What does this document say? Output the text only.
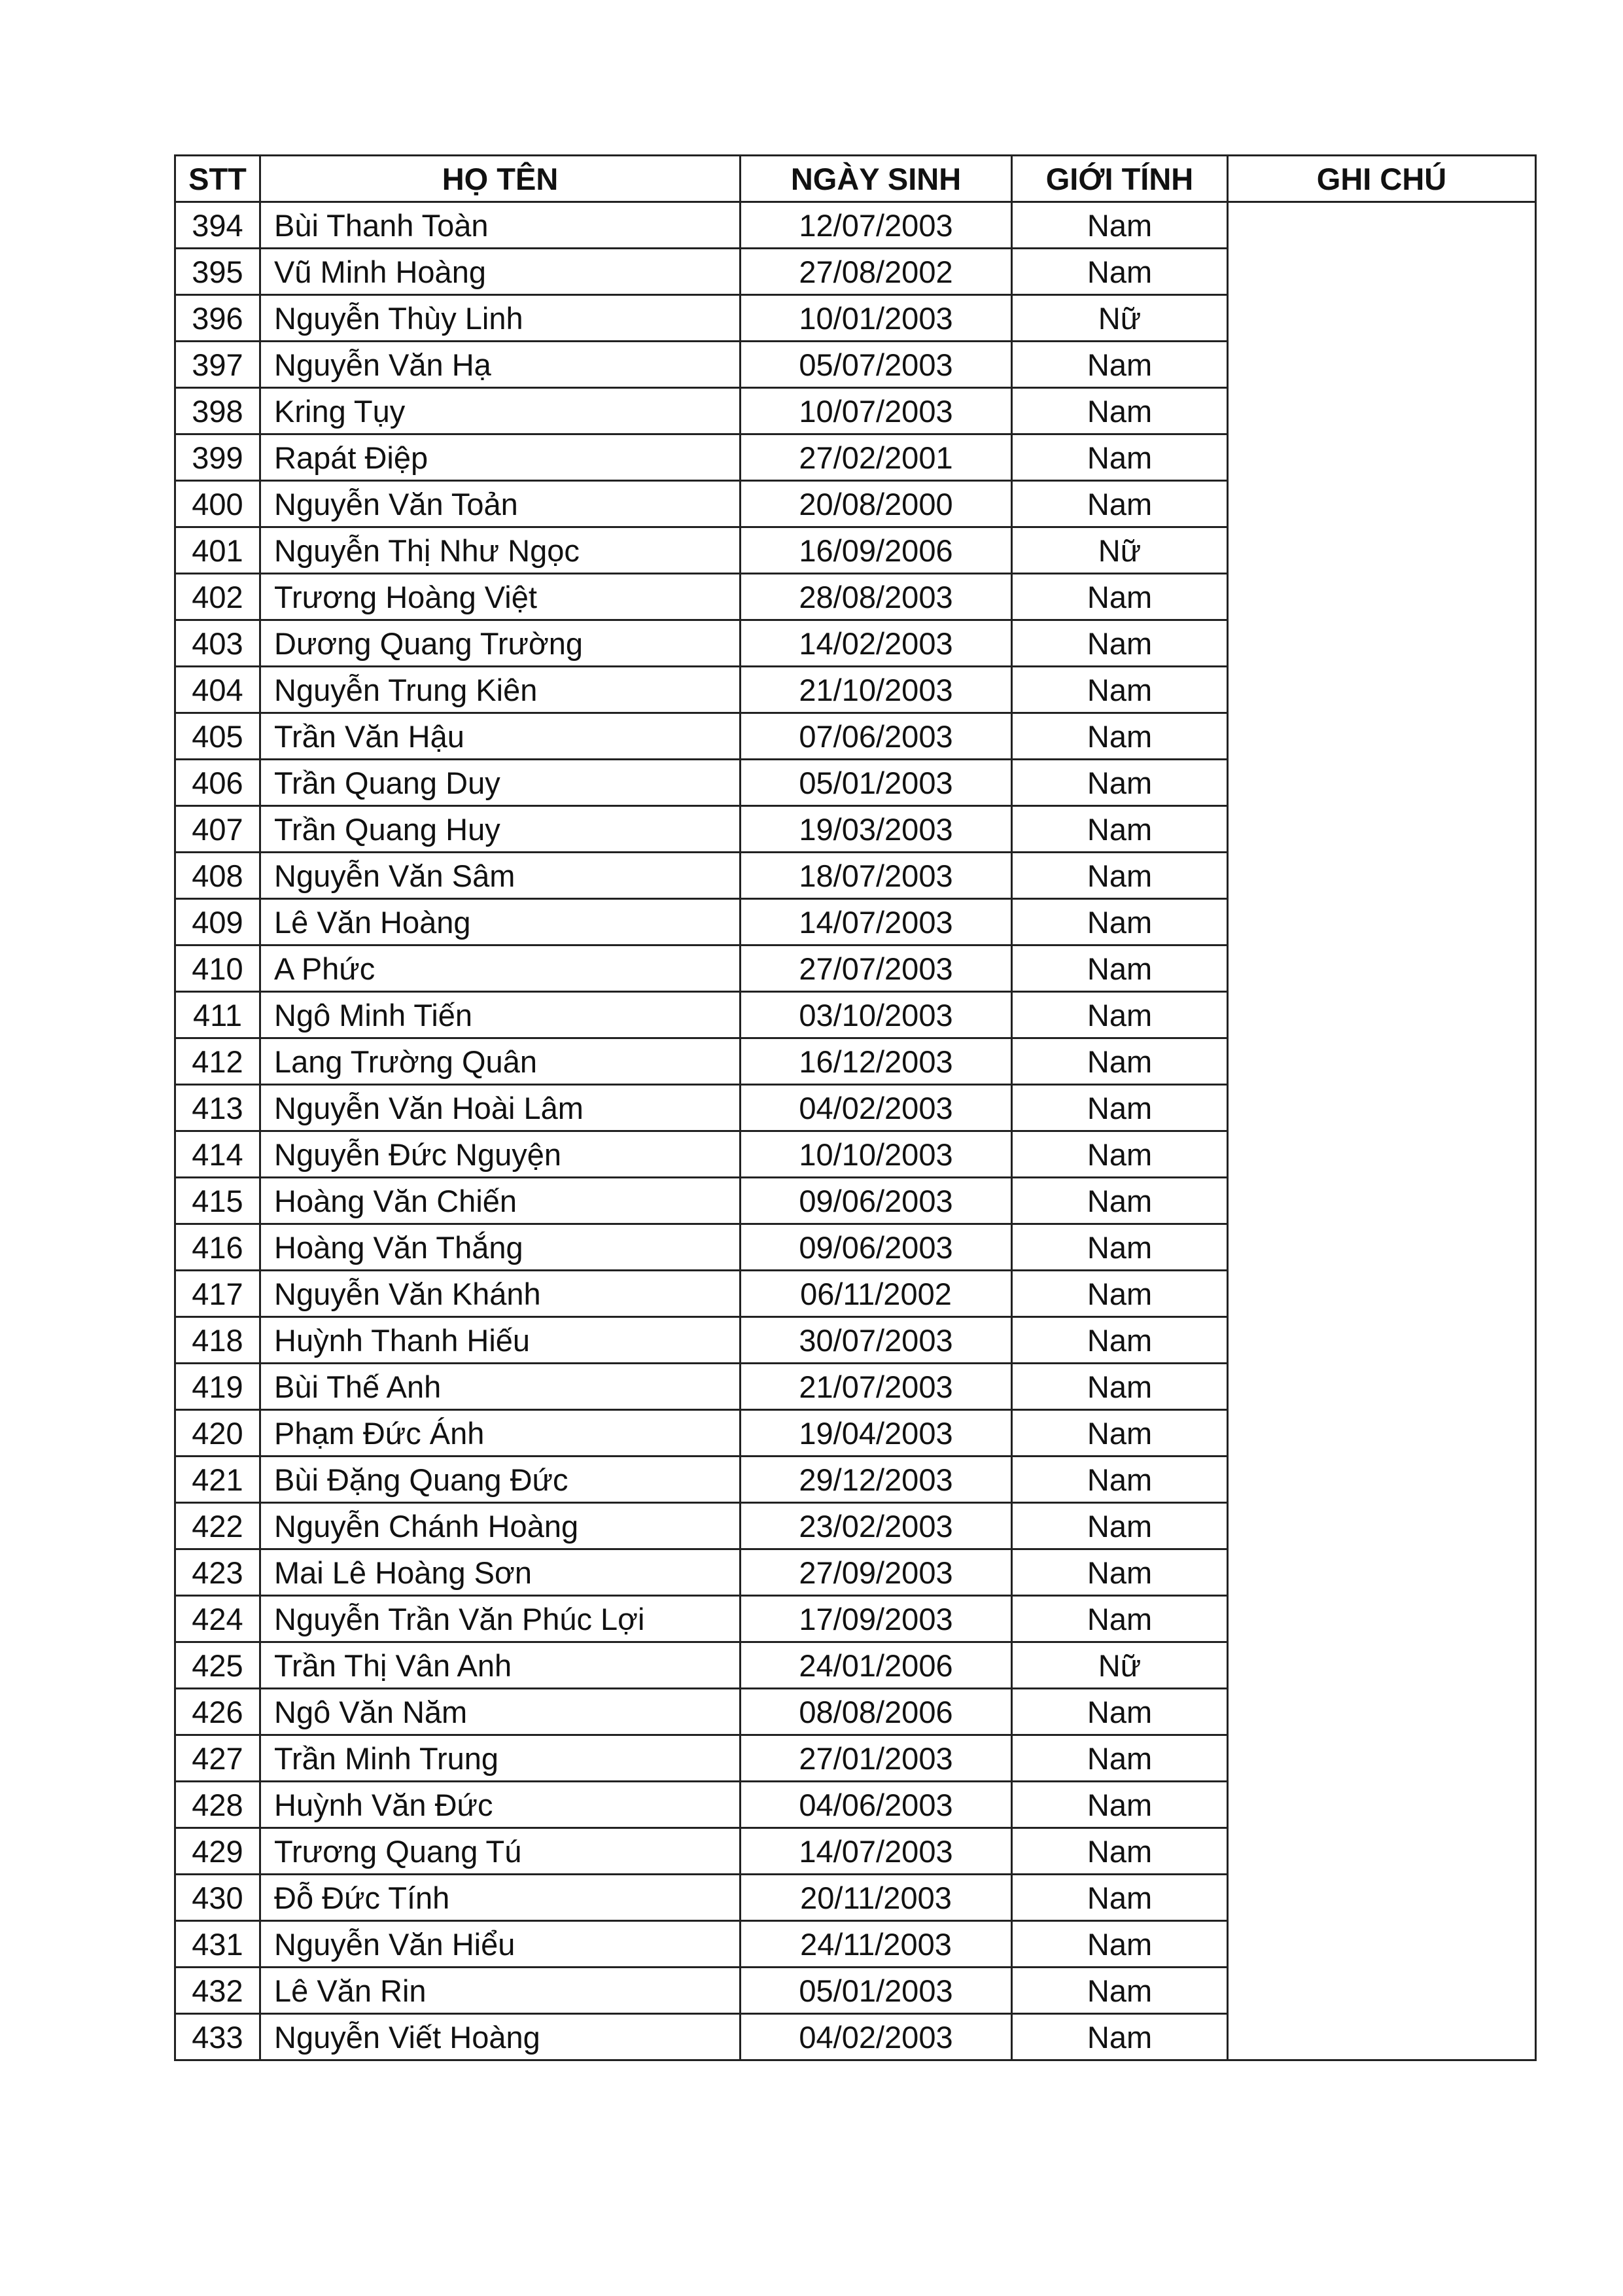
STT	HỌ TÊN	NGÀY SINH	GIỚI TÍNH	GHI CHÚ
394	Bùi Thanh Toàn	12/07/2003	Nam	
395	Vũ Minh Hoàng	27/08/2002	Nam	
396	Nguyễn Thùy Linh	10/01/2003	Nữ	
397	Nguyễn Văn Hạ	05/07/2003	Nam	
398	Kring Tụy	10/07/2003	Nam	
399	Rapát Điệp	27/02/2001	Nam	
400	Nguyễn Văn Toản	20/08/2000	Nam	
401	Nguyễn Thị Như Ngọc	16/09/2006	Nữ	
402	Trương Hoàng Việt	28/08/2003	Nam	
403	Dương Quang Trường	14/02/2003	Nam	
404	Nguyễn Trung Kiên	21/10/2003	Nam	
405	Trần Văn Hậu	07/06/2003	Nam	
406	Trần Quang Duy	05/01/2003	Nam	
407	Trần Quang Huy	19/03/2003	Nam	
408	Nguyễn Văn Sâm	18/07/2003	Nam	
409	Lê Văn Hoàng	14/07/2003	Nam	
410	A Phức	27/07/2003	Nam	
411	Ngô Minh Tiến	03/10/2003	Nam	
412	Lang Trường Quân	16/12/2003	Nam	
413	Nguyễn Văn Hoài Lâm	04/02/2003	Nam	
414	Nguyễn Đức Nguyện	10/10/2003	Nam	
415	Hoàng Văn Chiến	09/06/2003	Nam	
416	Hoàng Văn Thắng	09/06/2003	Nam	
417	Nguyễn Văn Khánh	06/11/2002	Nam	
418	Huỳnh Thanh Hiếu	30/07/2003	Nam	
419	Bùi Thế Anh	21/07/2003	Nam	
420	Phạm Đức Ánh	19/04/2003	Nam	
421	Bùi Đặng Quang Đức	29/12/2003	Nam	
422	Nguyễn Chánh Hoàng	23/02/2003	Nam	
423	Mai Lê Hoàng Sơn	27/09/2003	Nam	
424	Nguyễn Trần Văn Phúc Lợi	17/09/2003	Nam	
425	Trần Thị Vân Anh	24/01/2006	Nữ	
426	Ngô Văn Năm	08/08/2006	Nam	
427	Trần Minh Trung	27/01/2003	Nam	
428	Huỳnh Văn Đức	04/06/2003	Nam	
429	Trương Quang Tú	14/07/2003	Nam	
430	Đỗ Đức Tính	20/11/2003	Nam	
431	Nguyễn Văn Hiểu	24/11/2003	Nam	
432	Lê Văn Rin	05/01/2003	Nam	
433	Nguyễn Viết Hoàng	04/02/2003	Nam	
